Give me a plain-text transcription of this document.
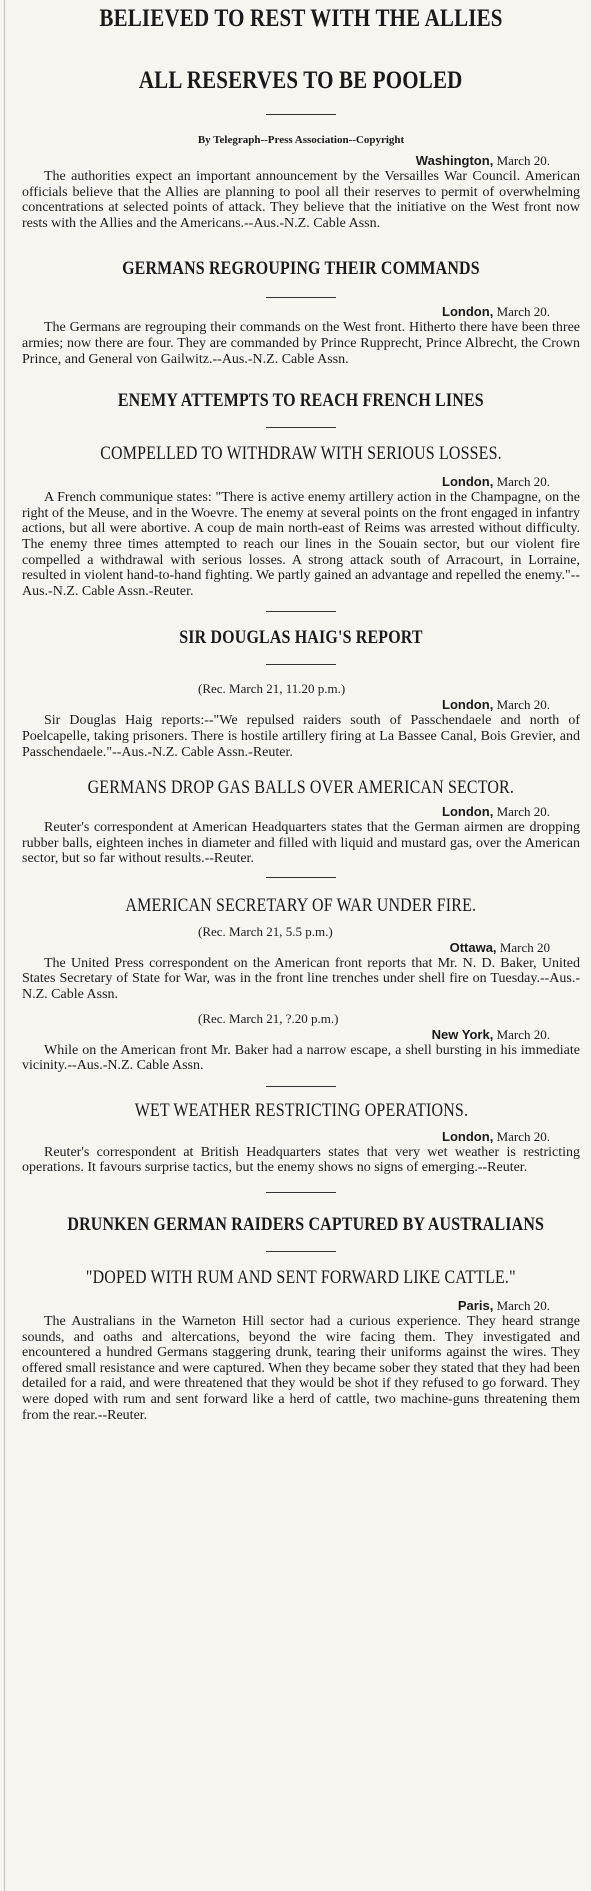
BELIEVED TO REST WITH THE ALLIES
ALL RESERVES TO BE POOLED
By Telegraph--Press Association--Copyright
Washington, March 20.

The authorities expect an important announcement by the Versailles War Council. American officials believe that the Allies are planning to pool all their reserves to permit of overwhelming concentrations at selected points of attack. They believe that the initiative on the West front now rests with the Allies and the Americans.--Aus.-N.Z. Cable Assn.

GERMANS REGROUPING THEIR COMMANDS
London, March 20.

The Germans are regrouping their commands on the West front. Hitherto there have been three armies; now there are four. They are commanded by Prince Rupprecht, Prince Albrecht, the Crown Prince, and General von Gailwitz.--Aus.-N.Z. Cable Assn.

ENEMY ATTEMPTS TO REACH FRENCH LINES
COMPELLED TO WITHDRAW WITH SERIOUS LOSSES.
London, March 20.

A French communique states: "There is active enemy artillery action in the Champagne, on the right of the Meuse, and in the Woevre. The enemy at several points on the front engaged in infantry actions, but all were abortive. A coup de main north-east of Reims was arrested without difficulty. The enemy three times attempted to reach our lines in the Souain sector, but our violent fire compelled a withdrawal with serious losses. A strong attack south of Arracourt, in Lorraine, resulted in violent hand-to-hand fighting. We partly gained an advantage and repelled the enemy."--Aus.-N.Z. Cable Assn.-Reuter.

SIR DOUGLAS HAIG'S REPORT
(Rec. March 21, 11.20 p.m.)
London, March 20.

Sir Douglas Haig reports:--"We repulsed raiders south of Passchendaele and north of Poelcapelle, taking prisoners. There is hostile artillery firing at La Bassee Canal, Bois Grevier, and Passchendaele."--Aus.-N.Z. Cable Assn.-Reuter.

GERMANS DROP GAS BALLS OVER AMERICAN SECTOR.
London, March 20.

Reuter's correspondent at American Headquarters states that the German airmen are dropping rubber balls, eighteen inches in diameter and filled with liquid and mustard gas, over the American sector, but so far without results.--Reuter.

AMERICAN SECRETARY OF WAR UNDER FIRE.
(Rec. March 21, 5.5 p.m.)
Ottawa, March 20

The United Press correspondent on the American front reports that Mr. N. D. Baker, United States Secretary of State for War, was in the front line trenches under shell fire on Tuesday.--Aus.-N.Z. Cable Assn.

(Rec. March 21, ?.20 p.m.)
New York, March 20.

While on the American front Mr. Baker had a narrow escape, a shell bursting in his immediate vicinity.--Aus.-N.Z. Cable Assn.

WET WEATHER RESTRICTING OPERATIONS.
London, March 20.

Reuter's correspondent at British Headquarters states that very wet weather is restricting operations. It favours surprise tactics, but the enemy shows no signs of emerging.--Reuter.

DRUNKEN GERMAN RAIDERS CAPTURED BY AUSTRALIANS
"DOPED WITH RUM AND SENT FORWARD LIKE CATTLE."
Paris, March 20.

The Australians in the Warneton Hill sector had a curious experience. They heard strange sounds, and oaths and altercations, beyond the wire facing them. They investigated and encountered a hundred Germans staggering drunk, tearing their uniforms against the wires. They offered small resistance and were captured. When they became sober they stated that they had been detailed for a raid, and were threatened that they would be shot if they refused to go forward. They were doped with rum and sent forward like a herd of cattle, two machine-guns threatening them from the rear.--Reuter.
